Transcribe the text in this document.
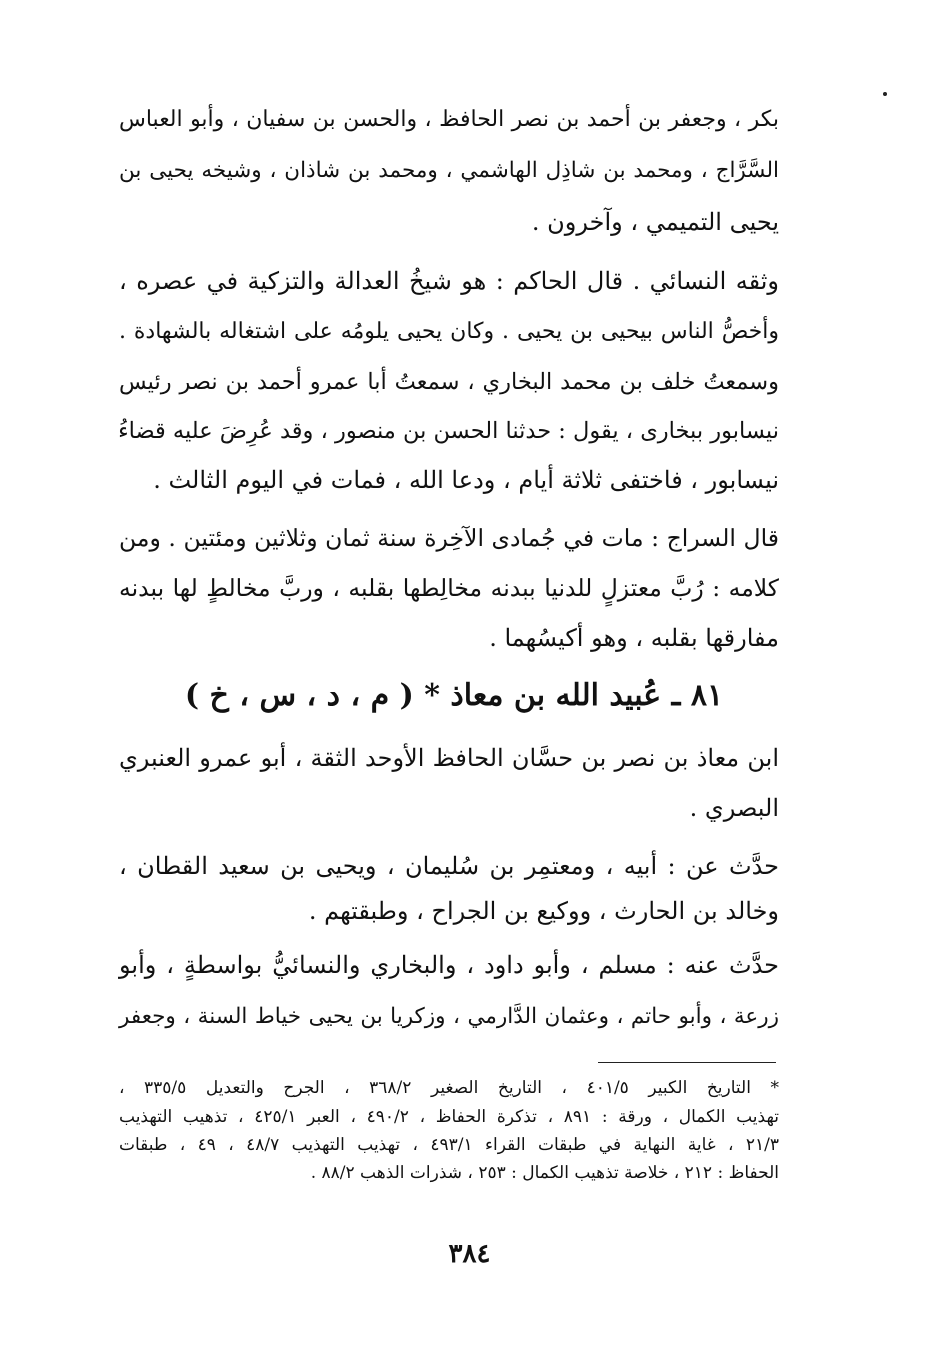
بكر ، وجعفر بن أحمد بن نصر الحافظ ، والحسن بن سفيان ، وأبو العباس
السَّرَّاج ، ومحمد بن شاذِل الهاشمي ، ومحمد بن شاذان ، وشيخه يحيى بن
يحيى التميمي ، وآخرون .
وثقه النسائي . قال الحاكم : هو شيخُ العدالة والتزكية في عصره ،
وأخصُّ الناس بيحيى بن يحيى . وكان يحيى يلومُه على اشتغاله بالشهادة .
وسمعتُ خلف بن محمد البخاري ، سمعتُ أبا عمرو أحمد بن نصر رئيس
نيسابور ببخارى ، يقول : حدثنا الحسن بن منصور ، وقد عُرِضَ عليه قضاءُ
نيسابور ، فاختفى ثلاثة أيام ، ودعا الله ، فمات في اليوم الثالث .
قال السراج : مات في جُمادى الآخِرة سنة ثمان وثلاثين ومئتين . ومن
كلامه : رُبَّ معتزلٍ للدنيا ببدنه مخالِطها بقلبه ، وربَّ مخالطٍ لها ببدنه
مفارقها بقلبه ، وهو أكيسُهما .
٨١ ـ عُبيد الله بن معاذ * ( م ، د ، س ، خ )
ابن معاذ بن نصر بن حسَّان الحافظ الأوحد الثقة ، أبو عمرو العنبري
البصري .
حدَّث عن : أبيه ، ومعتمِر بن سُليمان ، ويحيى بن سعيد القطان ،
وخالد بن الحارث ، ووكيع بن الجراح ، وطبقتهم .
حدَّث عنه : مسلم ، وأبو داود ، والبخاري والنسائيُّ بواسطةٍ ، وأبو
زرعة ، وأبو حاتم ، وعثمان الدَّارمي ، وزكريا بن يحيى خياط السنة ، وجعفر
* التاريخ الكبير ٤٠١/٥ ، التاريخ الصغير ٣٦٨/٢ ، الجرح والتعديل ٣٣٥/٥ ،
تهذيب الكمال ، ورقة : ٨٩١ ، تذكرة الحفاظ ، ٤٩٠/٢ ، العبر ٤٢٥/١ ، تذهيب التهذيب
٢١/٣ ، غاية النهاية في طبقات القراء ٤٩٣/١ ، تهذيب التهذيب ٤٨/٧ ، ٤٩ ، طبقات
الحفاظ : ٢١٢ ، خلاصة تذهيب الكمال : ٢٥٣ ، شذرات الذهب ٨٨/٢ .
٣٨٤
